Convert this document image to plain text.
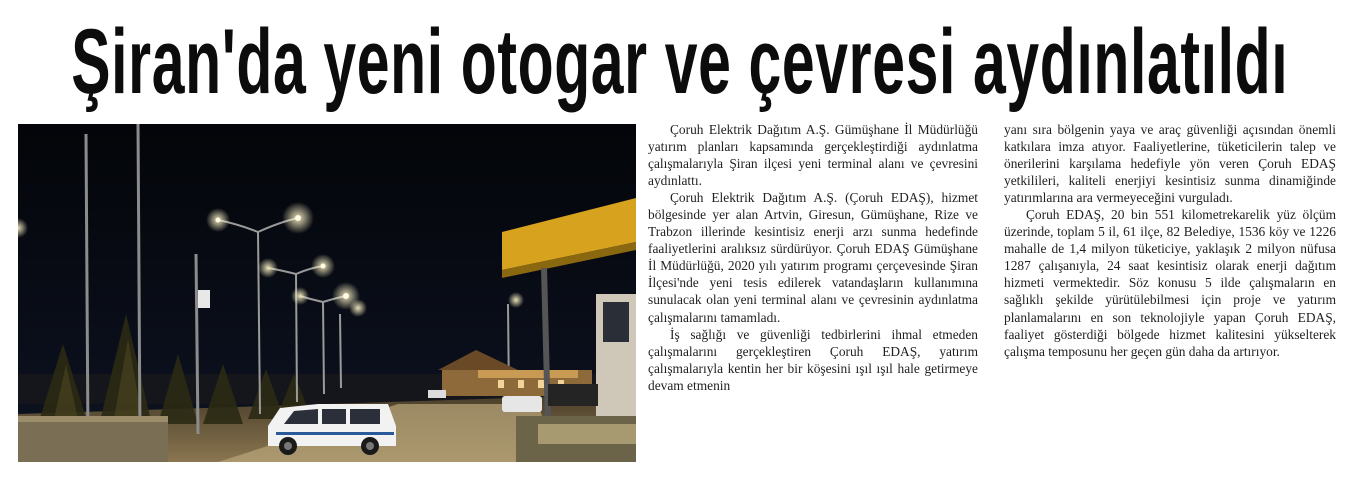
Şiran'da yeni otogar ve çevresi aydınlatıldı

Çoruh Elektrik Dağıtım A.Ş. Gümüşhane İl Müdürlüğü yatırım planları kapsamında gerçekleştirdiği aydınlatma çalışmalarıyla Şiran ilçesi yeni terminal alanı ve çevresini aydınlattı.

Çoruh Elektrik Dağıtım A.Ş. (Çoruh EDAŞ), hizmet bölgesinde yer alan Artvin, Giresun, Gümüşhane, Rize ve Trabzon illerinde kesintisiz enerji arzı sunma hedefinde faaliyetlerini aralıksız sürdürüyor. Çoruh EDAŞ Gümüşhane İl Müdürlüğü, 2020 yılı yatırım programı çerçevesinde Şiran İlçesi'nde yeni tesis edilerek vatandaşların kullanımına sunulacak olan yeni terminal alanı ve çevresinin aydınlatma çalışmalarını tamamladı.

İş sağlığı ve güvenliği tedbirlerini ihmal etmeden çalışmalarını gerçekleştiren Çoruh EDAŞ, yatırım çalışmalarıyla kentin her bir köşesini ışıl ışıl hale getirmeye devam etmenin

yanı sıra bölgenin yaya ve araç güvenliği açısından önemli katkılara imza atıyor. Faaliyetlerine, tüketicilerin talep ve önerilerini karşılama hedefiyle yön veren Çoruh EDAŞ yetkilileri, kaliteli enerjiyi kesintisiz sunma dinamiğinde yatırımlarına ara vermeyeceğini vurguladı.

Çoruh EDAŞ, 20 bin 551 kilometrekarelik yüz ölçüm üzerinde, toplam 5 il, 61 ilçe, 82 Belediye, 1536 köy ve 1226 mahalle de 1,4 milyon tüketiciye, yaklaşık 2 milyon nüfusa 1287 çalışanıyla, 24 saat kesintisiz olarak enerji dağıtım hizmeti vermektedir. Söz konusu 5 ilde çalışmaların en sağlıklı şekilde yürütülebilmesi için proje ve yatırım planlamalarını en son teknolojiyle yapan Çoruh EDAŞ, faaliyet gösterdiği bölgede hizmet kalitesini yükselterek çalışma temposunu her geçen gün daha da artırıyor.
